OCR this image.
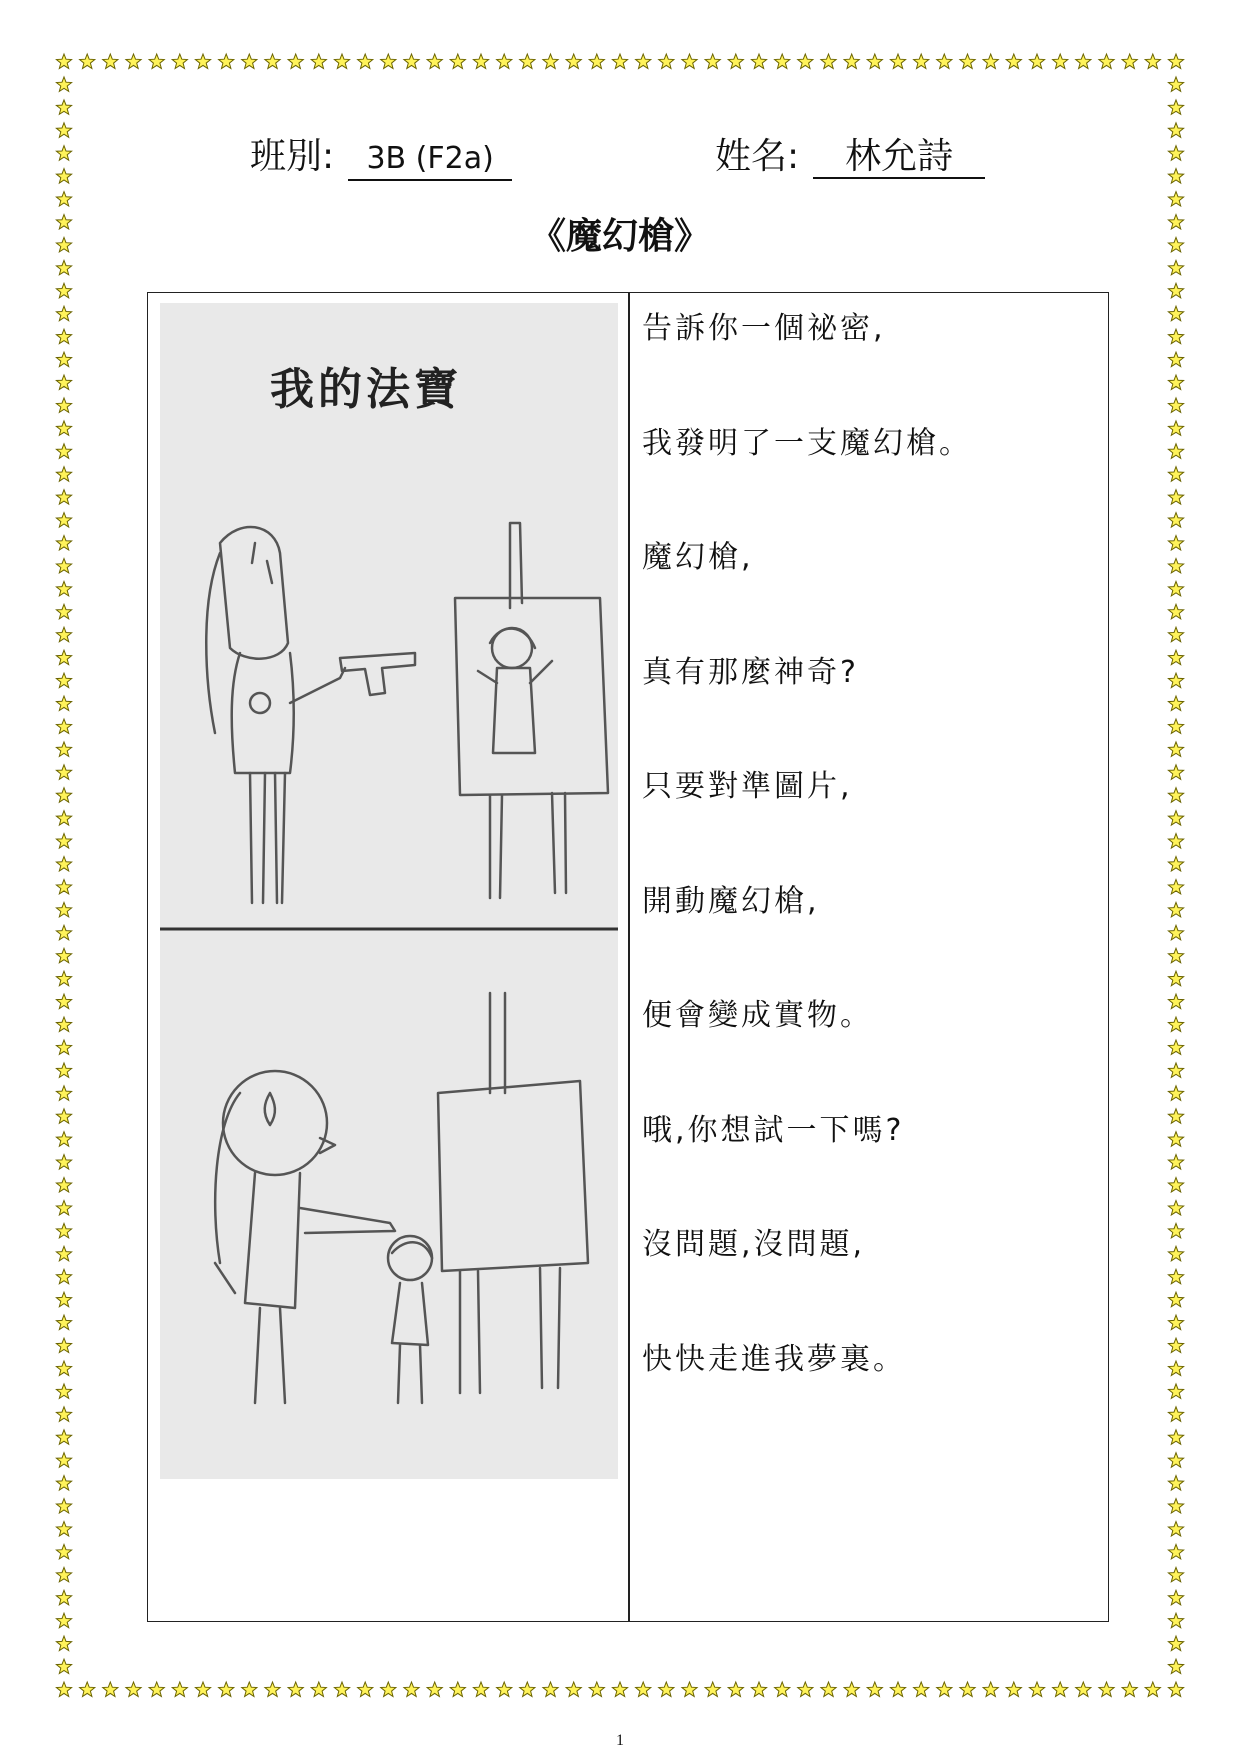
班別: 3B (F2a)	姓名: 林允詩
《魔幻槍》
我的法寶
告訴你一個祕密,
我發明了一支魔幻槍。
魔幻槍,
真有那麼神奇?
只要對準圖片,
開動魔幻槍,
便會變成實物。
哦,你想試一下嗎?
沒問題,沒問題,
快快走進我夢裏。
1
